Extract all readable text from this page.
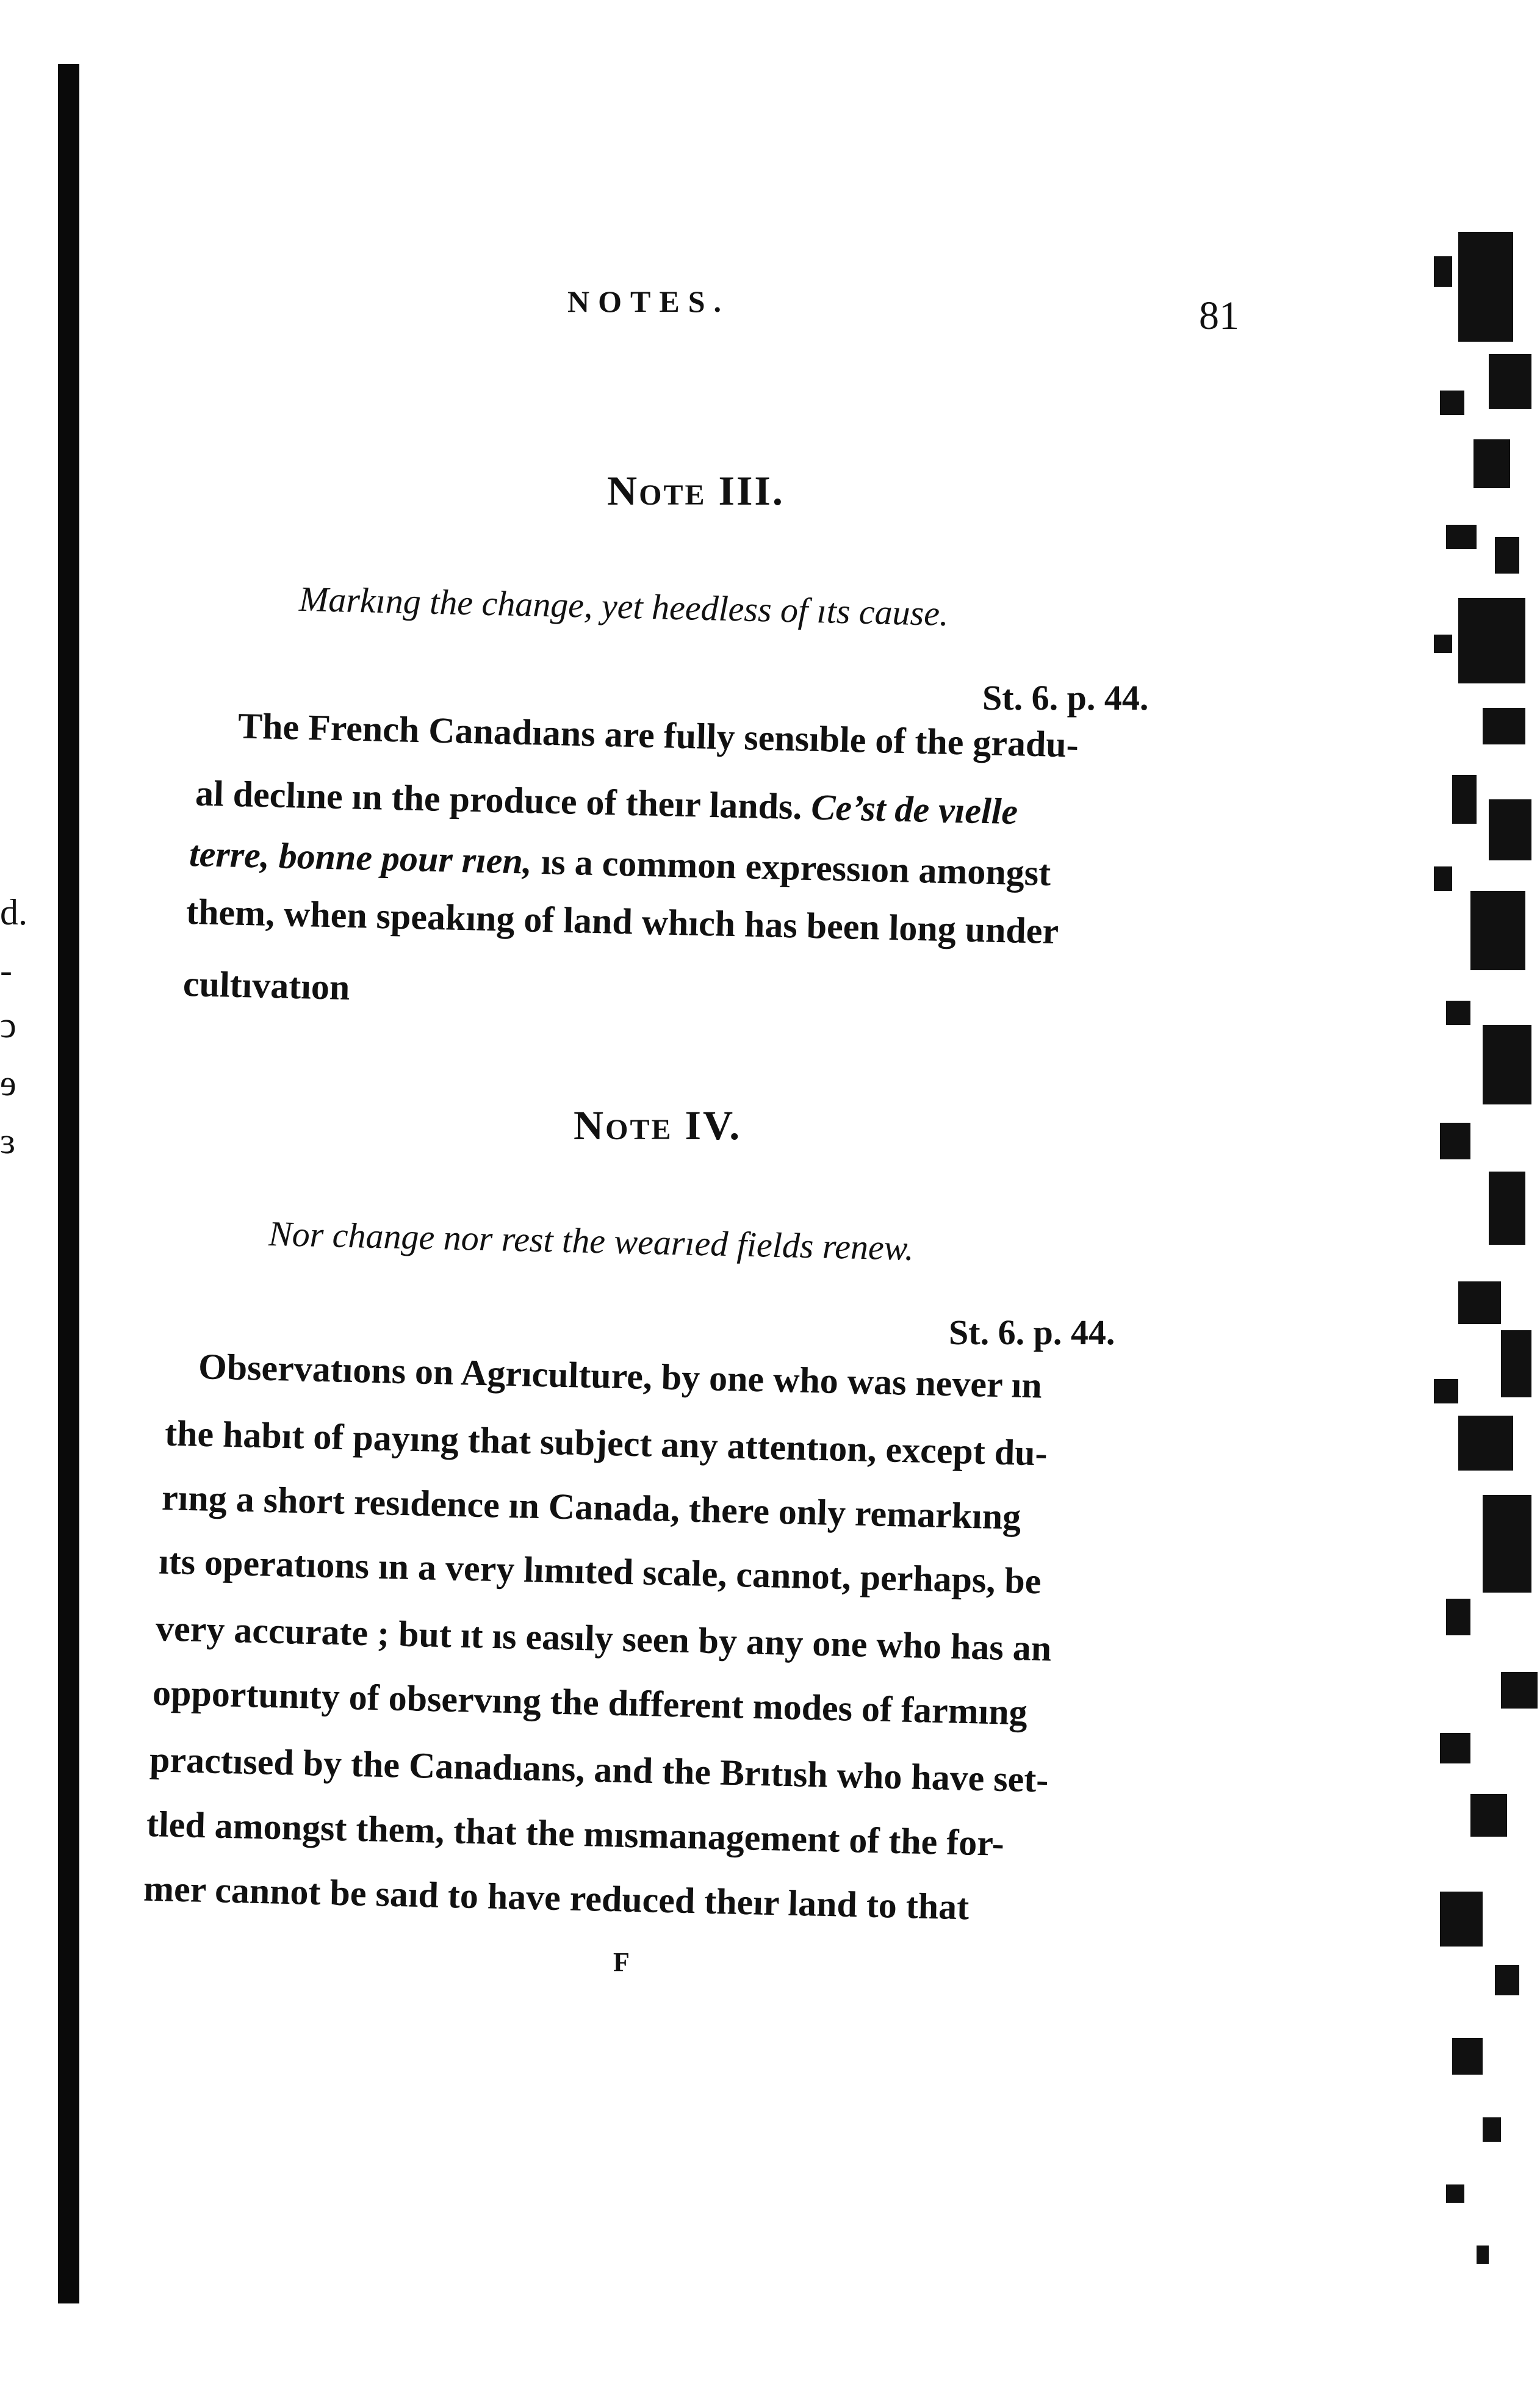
d.
-
ↄ
ɘ
ɜ
NOTES.	81
Note III.
Markıng the change, yet heedless of ıts cause.
St. 6. p. 44.
The French Canadıans are fully sensıble of the gradu-
al declıne ın the produce of theır lands. Ce’st de vıelle
terre, bonne pour rıen, ıs a common expressıon amongst
them, when speakıng of land whıch has been long under
cultıvatıon
Note IV.
Nor change nor rest the wearıed fields renew.
St. 6. p. 44.
Observatıons on Agrıculture, by one who was never ın
the habıt of payıng that subject any attentıon, except du-
rıng a short resıdence ın Canada, there only remarkıng
ıts operatıons ın a very lımıted scale, cannot, perhaps, be
very accurate ; but ıt ıs easıly seen by any one who has an
opportunıty of observıng the dıfferent modes of farmıng
practısed by the Canadıans, and the Brıtısh who have set-
tled amongst them, that the mısmanagement of the for-
mer cannot be saıd to have reduced theır land to that
F
